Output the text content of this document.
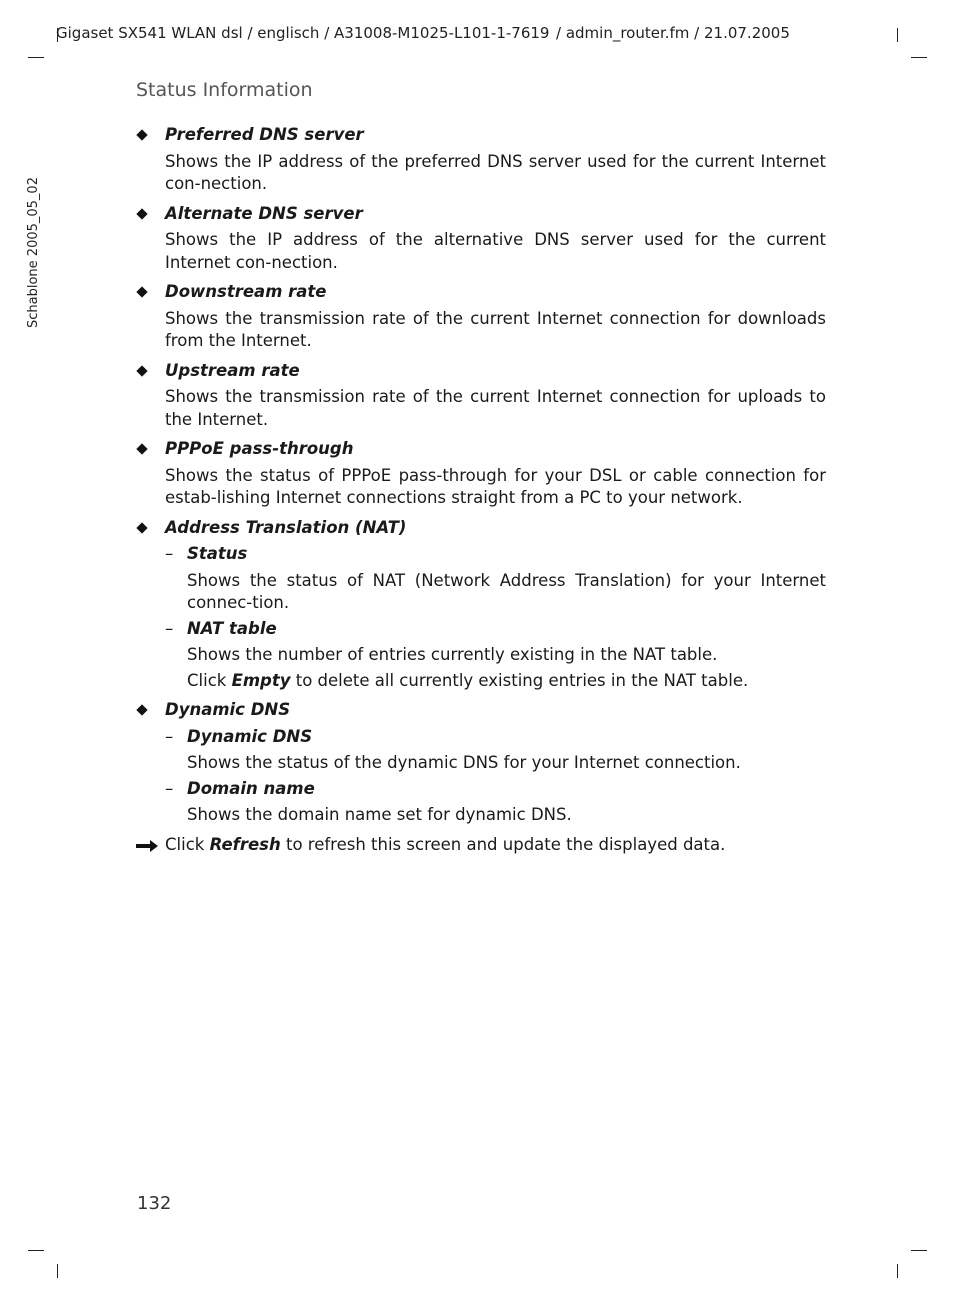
Gigaset SX541 WLAN dsl / englisch / A31008-M1025-L101-1-7619 / admin_router.fm / 21.07.2005
Schablone 2005_05_02
Status Information
Preferred DNS server
Shows the IP address of the preferred DNS server used for the current Internet con-nection.
Alternate DNS server
Shows the IP address of the alternative DNS server used for the current Internet con-nection.
Downstream rate
Shows the transmission rate of the current Internet connection for downloads from the Internet.
Upstream rate
Shows the transmission rate of the current Internet connection for uploads to the Internet.
PPPoE pass-through
Shows the status of PPPoE pass-through for your DSL or cable connection for estab-lishing Internet connections straight from a PC to your network.
Address Translation (NAT)
– Status
Shows the status of NAT (Network Address Translation) for your Internet connec-tion.
– NAT table

Shows the number of entries currently existing in the NAT table.

Click Empty to delete all currently existing entries in the NAT table.

Dynamic DNS
– Dynamic DNS
Shows the status of the dynamic DNS for your Internet connection.
– Domain name
Shows the domain name set for dynamic DNS.
Click Refresh to refresh this screen and update the displayed data.
132
